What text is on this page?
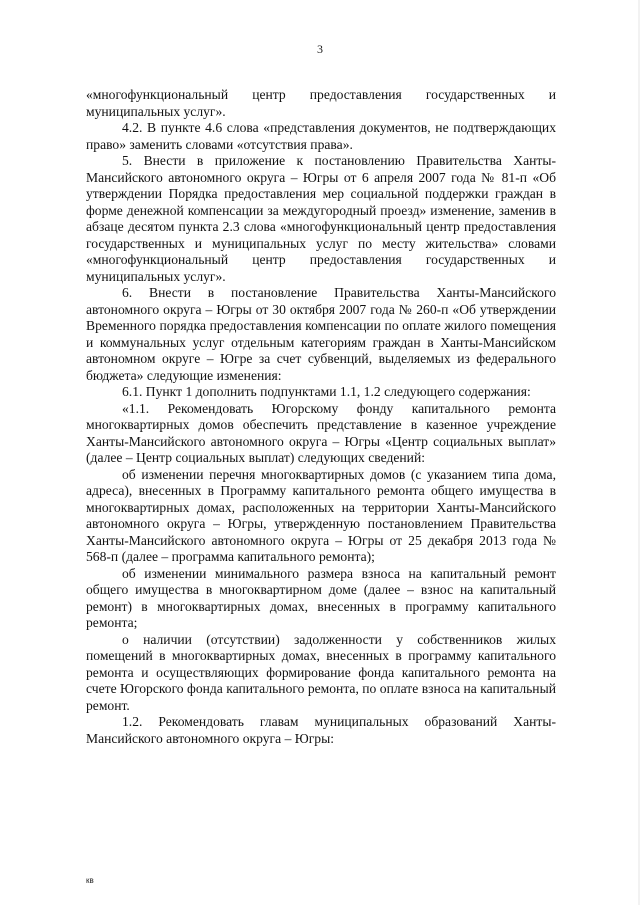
3

«многофункциональный центр предоставления государственных и муниципальных услуг».

4.2. В пункте 4.6 слова «представления документов, не подтверждающих право» заменить словами «отсутствия права».

5. Внести в приложение к постановлению Правительства Ханты-Мансийского автономного округа – Югры от 6 апреля 2007 года № 81-п «Об утверждении Порядка предоставления мер социальной поддержки граждан в форме денежной компенсации за междугородный проезд» изменение, заменив в абзаце десятом пункта 2.3 слова «многофункциональный центр предоставления государственных и муниципальных услуг по месту жительства» словами «многофункциональный центр предоставления государственных и муниципальных услуг».

6. Внести в постановление Правительства Ханты-Мансийского автономного округа – Югры от 30 октября 2007 года № 260-п «Об утверждении Временного порядка предоставления компенсации по оплате жилого помещения и коммунальных услуг отдельным категориям граждан в Ханты-Мансийском автономном округе – Югре за счет субвенций, выделяемых из федерального бюджета» следующие изменения:

6.1. Пункт 1 дополнить подпунктами 1.1, 1.2 следующего содержания:

«1.1. Рекомендовать Югорскому фонду капитального ремонта многоквартирных домов обеспечить представление в казенное учреждение Ханты-Мансийского автономного округа – Югры «Центр социальных выплат» (далее – Центр социальных выплат) следующих сведений:

об изменении перечня многоквартирных домов (с указанием типа дома, адреса), внесенных в Программу капитального ремонта общего имущества в многоквартирных домах, расположенных на территории Ханты-Мансийского автономного округа – Югры, утвержденную постановлением Правительства Ханты-Мансийского автономного округа – Югры от 25 декабря 2013 года № 568-п (далее – программа капитального ремонта);

об изменении минимального размера взноса на капитальный ремонт общего имущества в многоквартирном доме (далее – взнос на капитальный ремонт) в многоквартирных домах, внесенных в программу капитального ремонта;

о наличии (отсутствии) задолженности у собственников жилых помещений в многоквартирных домах, внесенных в программу капитального ремонта и осуществляющих формирование фонда капитального ремонта на счете Югорского фонда капитального ремонта, по оплате взноса на капитальный ремонт.

1.2. Рекомендовать главам муниципальных образований Ханты-Мансийского автономного округа – Югры:

кв
